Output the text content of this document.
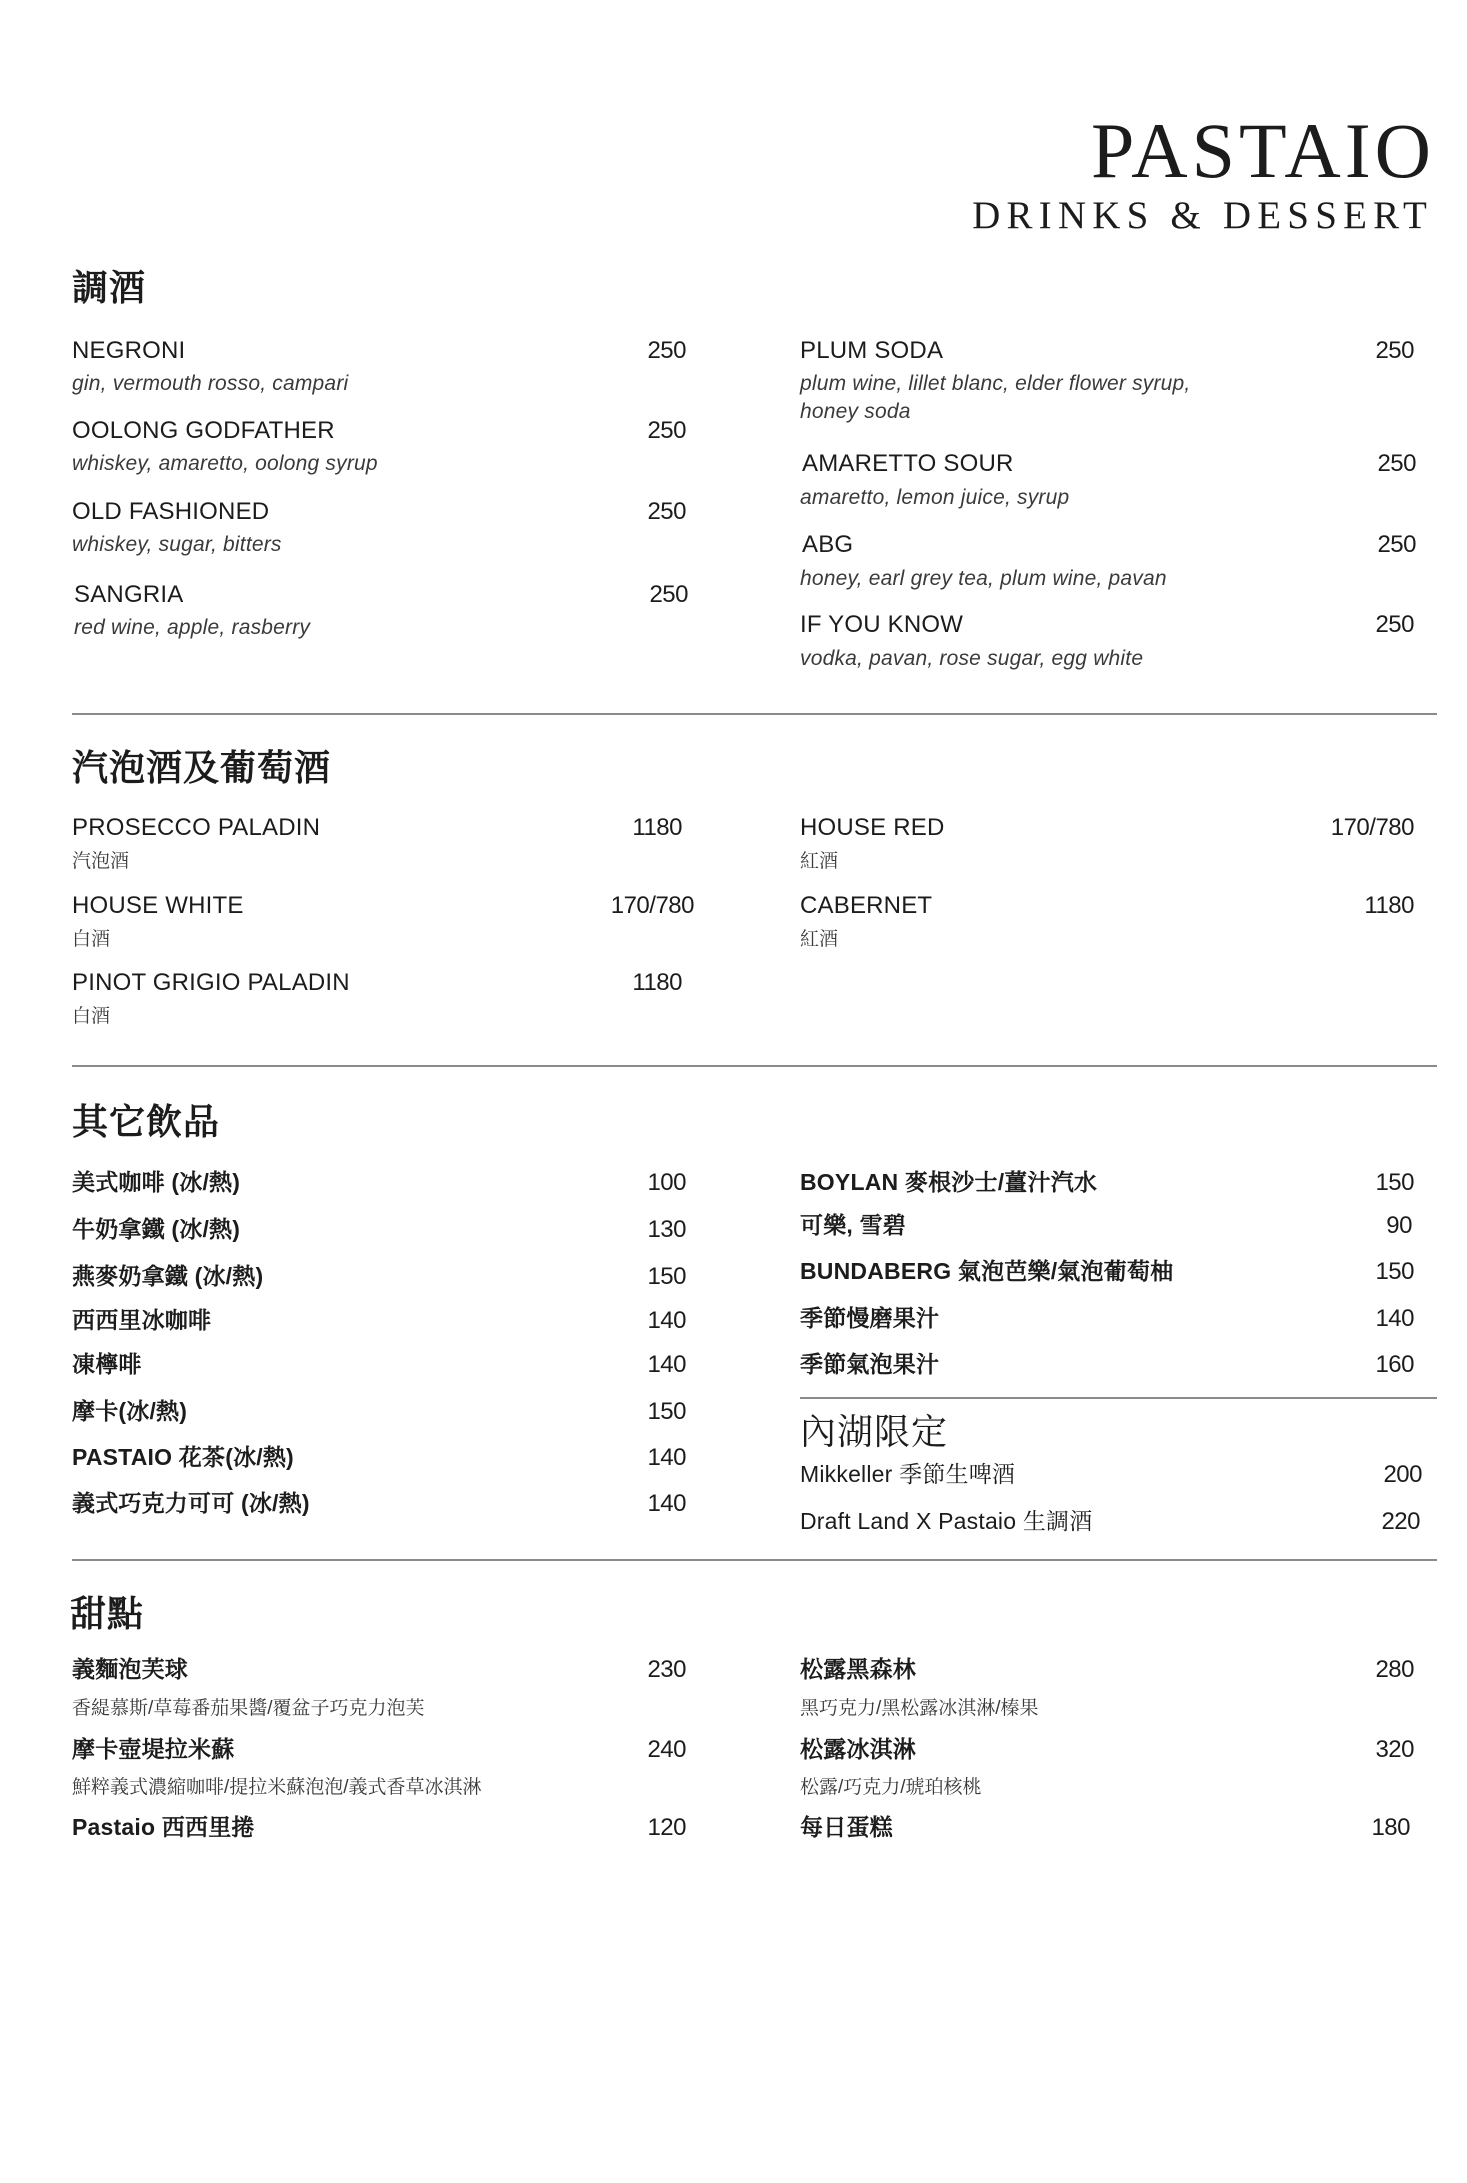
PASTAIO
DRINKS & DESSERT
調酒
NEGRONI	250
gin, vermouth rosso, campari
OOLONG GODFATHER	250
whiskey, amaretto, oolong syrup
OLD FASHIONED	250
whiskey, sugar, bitters
SANGRIA	250
red wine, apple, rasberry
PLUM SODA	250
plum wine, lillet blanc, elder flower syrup,
honey soda
AMARETTO SOUR	250
amaretto, lemon juice, syrup
ABG	250
honey, earl grey tea, plum wine, pavan
IF YOU KNOW	250
vodka, pavan, rose sugar, egg white
汽泡酒及葡萄酒
PROSECCO PALADIN	1180
汽泡酒
HOUSE WHITE	170/780
白酒
PINOT GRIGIO PALADIN	1180
白酒
HOUSE RED	170/780
紅酒
CABERNET	1180
紅酒
其它飲品
美式咖啡 (冰/熱)	100
牛奶拿鐵 (冰/熱)	130
燕麥奶拿鐵 (冰/熱)	150
西西里冰咖啡	140
凍檸啡	140
摩卡(冰/熱)	150
PASTAIO 花茶(冰/熱)	140
義式巧克力可可 (冰/熱)	140
BOYLAN 麥根沙士/薑汁汽水	150
可樂, 雪碧	90
BUNDABERG 氣泡芭樂/氣泡葡萄柚	150
季節慢磨果汁	140
季節氣泡果汁	160
內湖限定
Mikkeller 季節生啤酒	200
Draft Land X Pastaio 生調酒	220
甜點
義麵泡芙球	230
香緹慕斯/草莓番茄果醬/覆盆子巧克力泡芙
摩卡壺堤拉米蘇	240
鮮粹義式濃縮咖啡/提拉米蘇泡泡/義式香草冰淇淋
Pastaio 西西里捲	120
松露黑森林	280
黑巧克力/黑松露冰淇淋/榛果
松露冰淇淋	320
松露/巧克力/琥珀核桃
每日蛋糕	180
